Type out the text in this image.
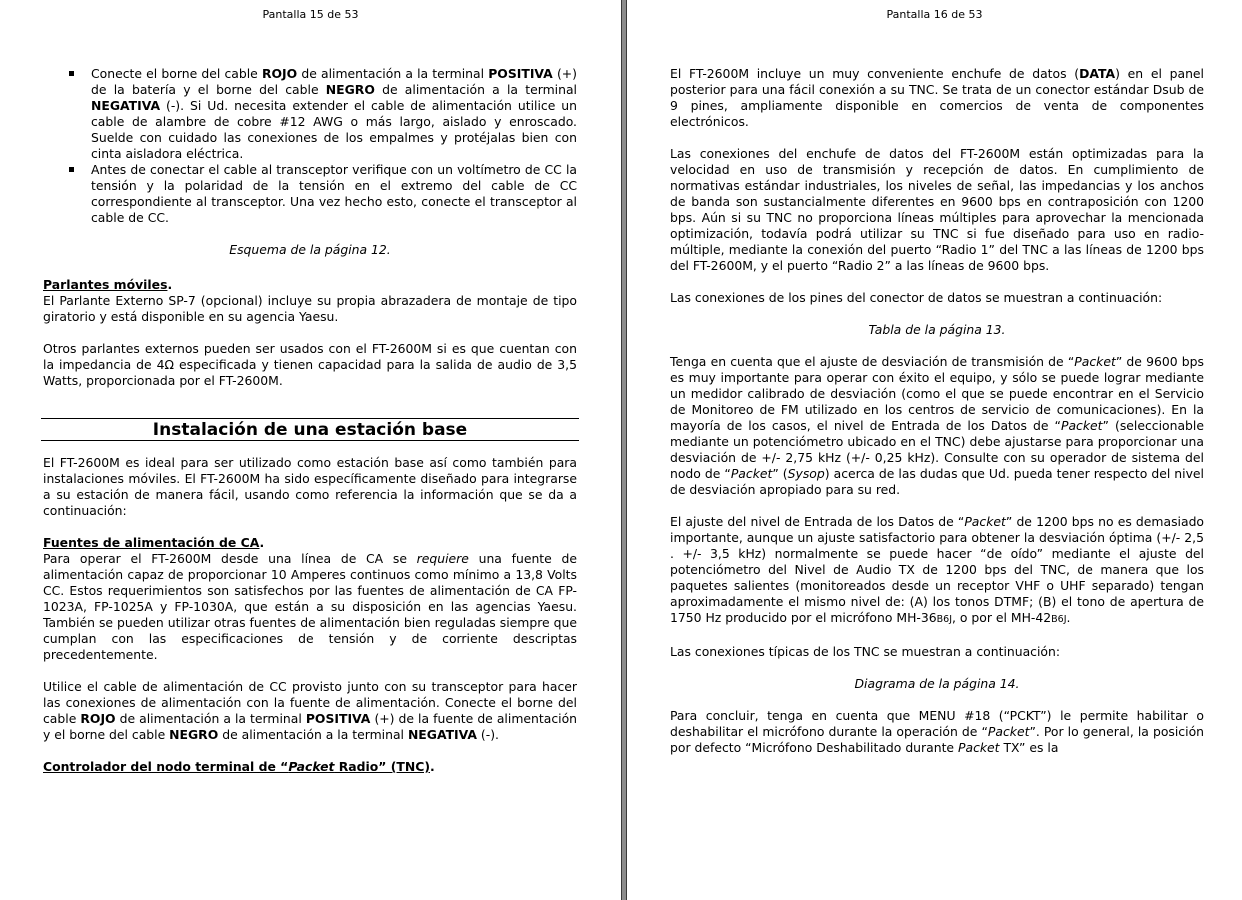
Pantalla 15 de 53
Conecte el borne del cable ROJO de alimentación a la terminal POSITIVA (+) de la batería y el borne del cable NEGRO de alimentación a la terminal NEGATIVA (-). Si Ud. necesita extender el cable de alimentación utilice un cable de alambre de cobre #12 AWG o más largo, aislado y enroscado. Suelde con cuidado las conexiones de los empalmes y protéjalas bien con cinta aisladora eléctrica.
Antes de conectar el cable al transceptor verifique con un voltímetro de CC la tensión y la polaridad de la tensión en el extremo del cable de CC correspondiente al transceptor. Una vez hecho esto, conecte el transceptor al cable de CC.

Esquema de la página 12.

Parlantes móviles.

El Parlante Externo SP-7 (opcional) incluye su propia abrazadera de montaje de tipo giratorio y está disponible en su agencia Yaesu.

Otros parlantes externos pueden ser usados con el FT-2600M si es que cuentan con la impedancia de 4Ω especificada y tienen capacidad para la salida de audio de 3,5 Watts, proporcionada por el FT-2600M.

Instalación de una estación base

El FT-2600M es ideal para ser utilizado como estación base así como también para instalaciones móviles. El FT-2600M ha sido específicamente diseñado para integrarse a su estación de manera fácil, usando como referencia la información que se da a continuación:

Fuentes de alimentación de CA.

Para operar el FT-2600M desde una línea de CA se requiere una fuente de alimentación capaz de proporcionar 10 Amperes continuos como mínimo a 13,8 Volts CC. Estos requerimientos son satisfechos por las fuentes de alimentación de CA FP-1023A, FP-1025A y FP-1030A, que están a su disposición en las agencias Yaesu. También se pueden utilizar otras fuentes de alimentación bien reguladas siempre que cumplan con las especificaciones de tensión y de corriente descriptas precedentemente.

Utilice el cable de alimentación de CC provisto junto con su transceptor para hacer las conexiones de alimentación con la fuente de alimentación. Conecte el borne del cable ROJO de alimentación a la terminal POSITIVA (+) de la fuente de alimentación y el borne del cable NEGRO de alimentación a la terminal NEGATIVA (-).

Controlador del nodo terminal de “Packet Radio” (TNC).
Pantalla 16 de 53

El FT-2600M incluye un muy conveniente enchufe de datos (DATA) en el panel posterior para una fácil conexión a su TNC. Se trata de un conector estándar Dsub de 9 pines, ampliamente disponible en comercios de venta de componentes electrónicos.

Las conexiones del enchufe de datos del FT-2600M están optimizadas para la velocidad en uso de transmisión y recepción de datos. En cumplimiento de normativas estándar industriales, los niveles de señal, las impedancias y los anchos de banda son sustancialmente diferentes en 9600 bps en contraposición con 1200 bps. Aún si su TNC no proporciona líneas múltiples para aprovechar la mencionada optimización, todavía podrá utilizar su TNC si fue diseñado para uso en radio-múltiple, mediante la conexión del puerto “Radio 1” del TNC a las líneas de 1200 bps del FT-2600M, y el puerto “Radio 2” a las líneas de 9600 bps.

Las conexiones de los pines del conector de datos se muestran a continuación:

Tabla de la página 13.

Tenga en cuenta que el ajuste de desviación de transmisión de “Packet” de 9600 bps es muy importante para operar con éxito el equipo, y sólo se puede lograr mediante un medidor calibrado de desviación (como el que se puede encontrar en el Servicio de Monitoreo de FM utilizado en los centros de servicio de comunicaciones). En la mayoría de los casos, el nivel de Entrada de los Datos de “Packet” (seleccionable mediante un potenciómetro ubicado en el TNC) debe ajustarse para proporcionar una desviación de +/- 2,75 kHz (+/- 0,25 kHz). Consulte con su operador de sistema del nodo de “Packet” (Sysop) acerca de las dudas que Ud. pueda tener respecto del nivel de desviación apropiado para su red.

El ajuste del nivel de Entrada de los Datos de “Packet” de 1200 bps no es demasiado importante, aunque un ajuste satisfactorio para obtener la desviación óptima (+/- 2,5 . +/- 3,5 kHz) normalmente se puede hacer “de oído” mediante el ajuste del potenciómetro del Nivel de Audio TX de 1200 bps del TNC, de manera que los paquetes salientes (monitoreados desde un receptor VHF o UHF separado) tengan aproximadamente el mismo nivel de: (A) los tonos DTMF; (B) el tono de apertura de 1750 Hz producido por el micrófono MH-36B6J, o por el MH-42B6J.

Las conexiones típicas de los TNC se muestran a continuación:

Diagrama de la página 14.

Para concluir, tenga en cuenta que MENU #18 (“PCKT”) le permite habilitar o deshabilitar el micrófono durante la operación de “Packet”. Por lo general, la posición por defecto “Micrófono Deshabilitado durante Packet TX” es la
